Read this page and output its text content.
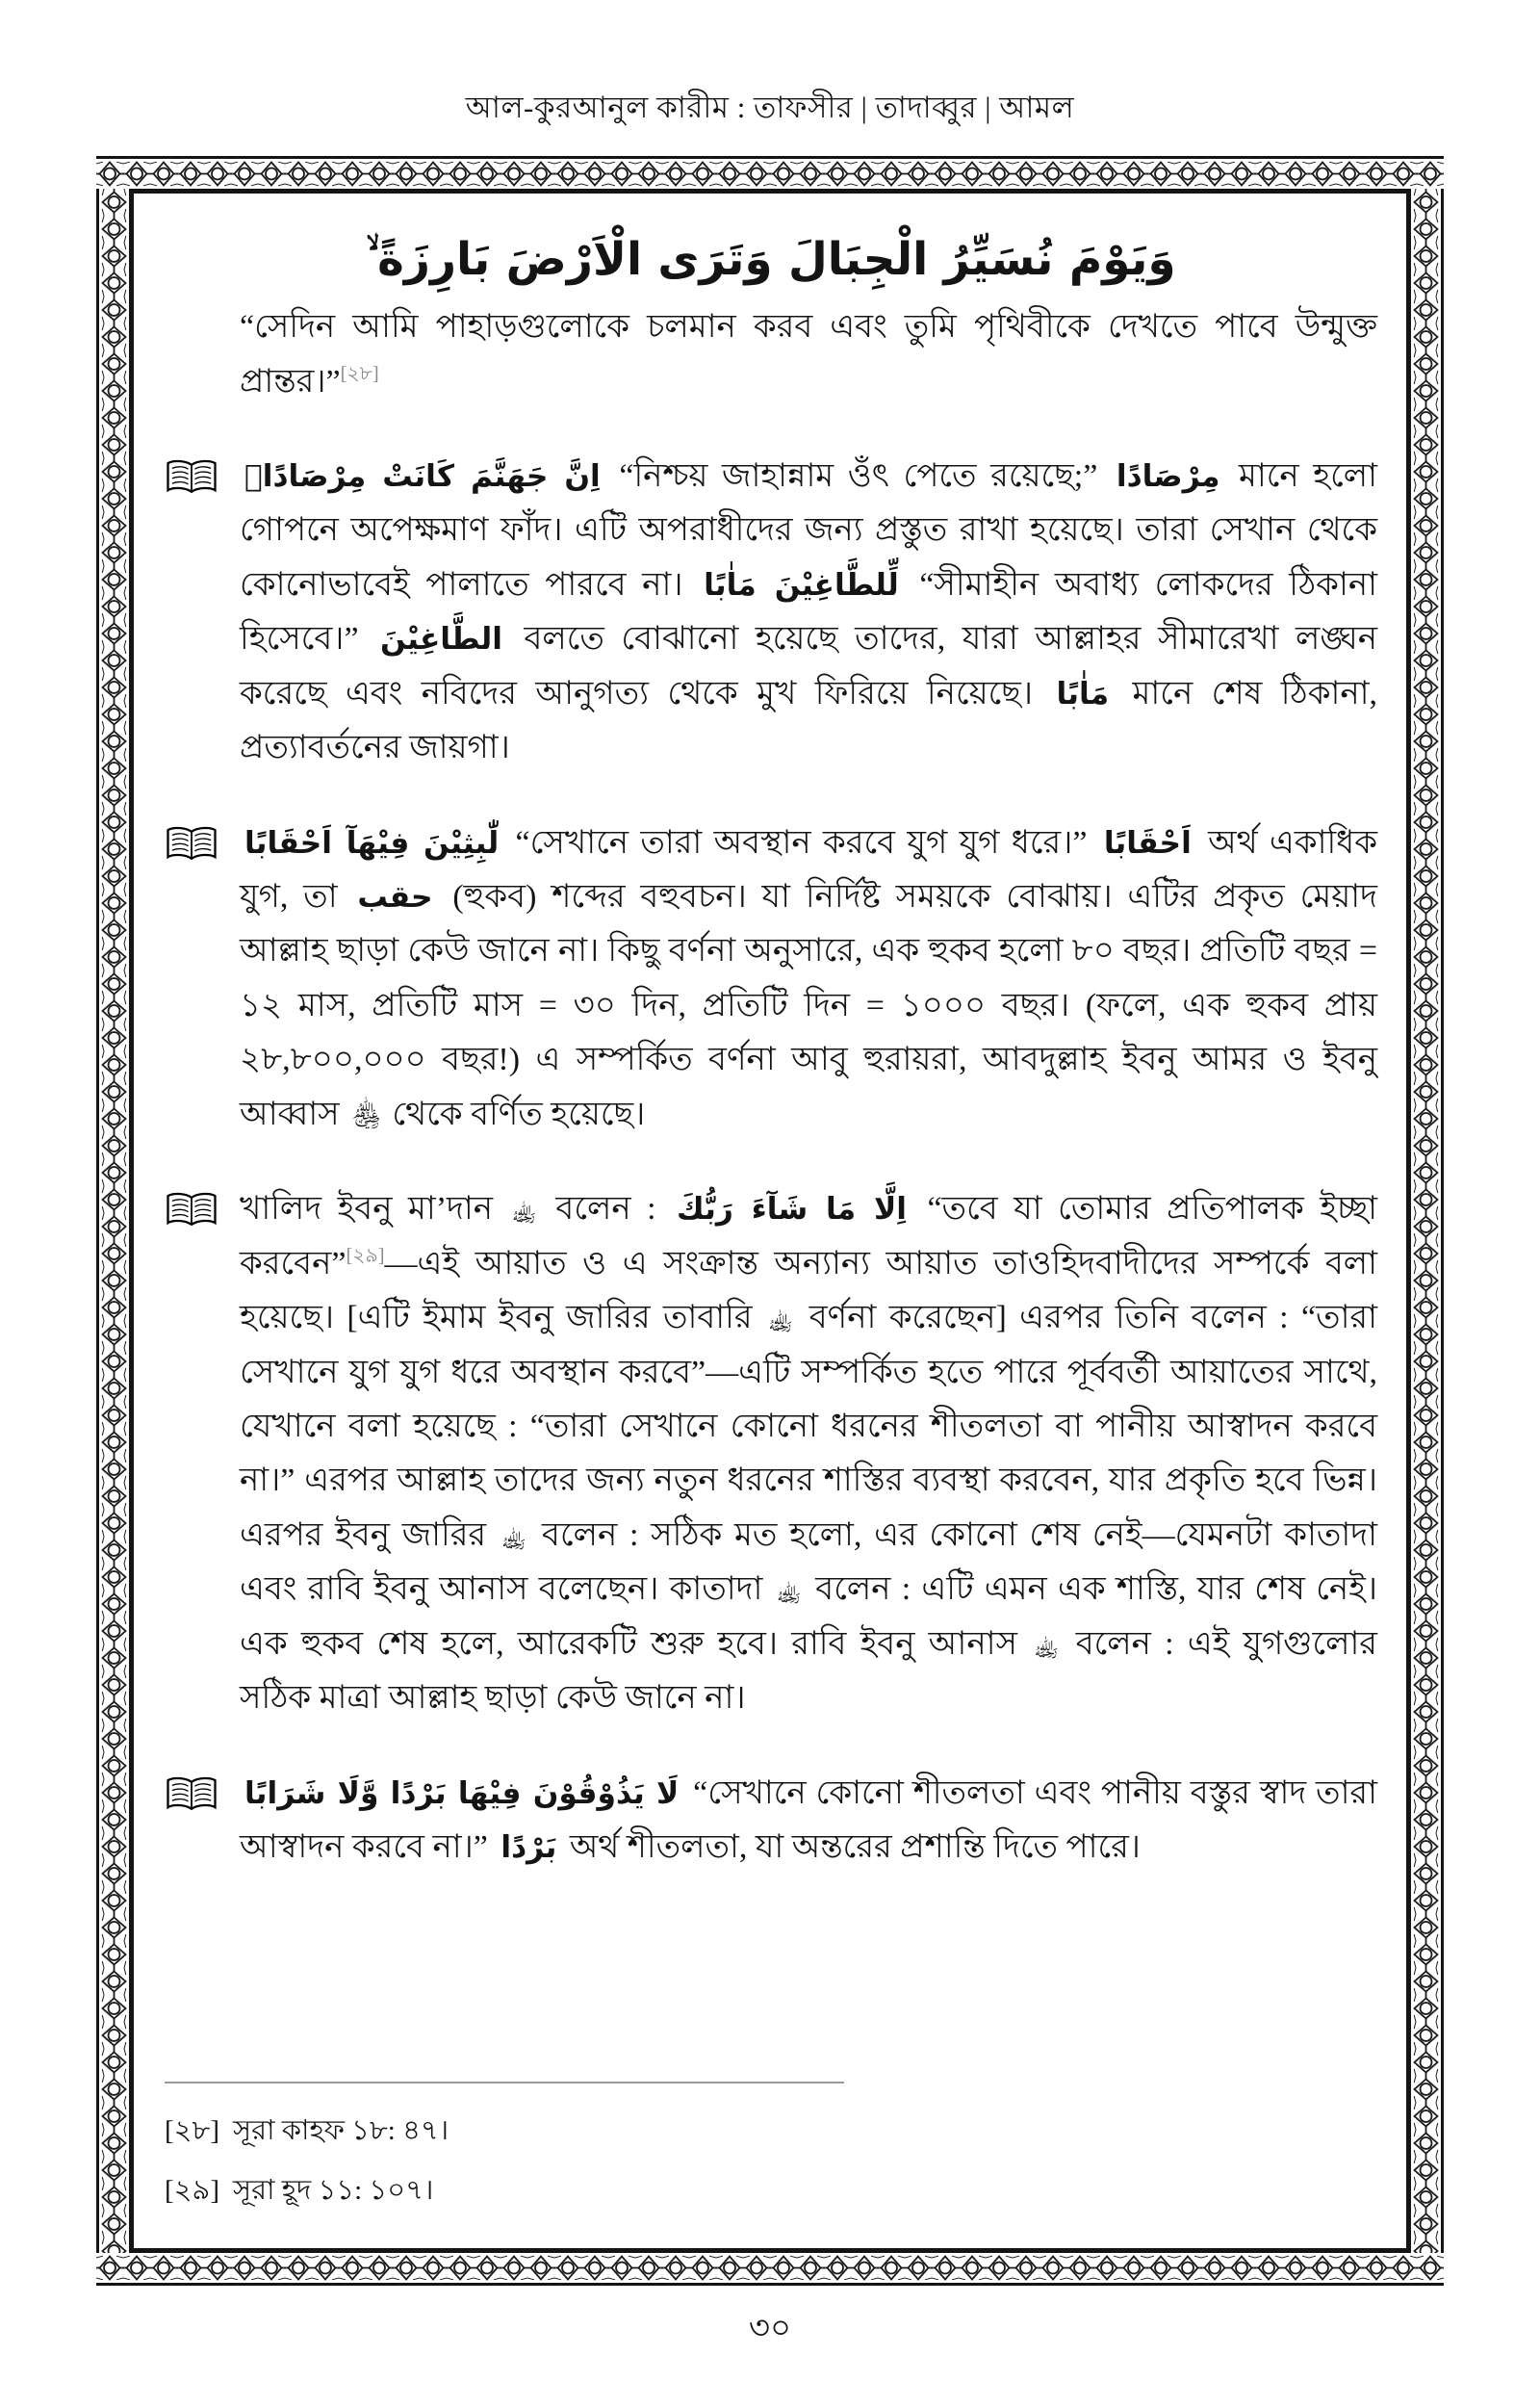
আল-কুরআনুল কারীম : তাফসীর | তাদাব্বুর | আমল
وَيَوْمَ نُسَيِّرُ الْجِبَالَ وَتَرَى الْاَرْضَ بَارِزَةً ۙ
“সেদিন আমি পাহাড়গুলোকে চলমান করব এবং তুমি পৃথিবীকে দেখতে পাবে উন্মুক্ত প্রান্তর।”[২৮]
اِنَّ جَهَنَّمَ كَانَتْ مِرْصَادًاۙ “নিশ্চয় জাহান্নাম ওঁৎ পেতে রয়েছে;” مِرْصَادًا মানে হলো গোপনে অপেক্ষমাণ ফাঁদ। এটি অপরাধীদের জন্য প্রস্তুত রাখা হয়েছে। তারা সেখান থেকে কোনোভাবেই পালাতে পারবে না। لِّلطَّاغِيْنَ مَاٰبًا “সীমাহীন অবাধ্য লোকদের ঠিকানা হিসেবে।” الطَّاغِيْنَ বলতে বোঝানো হয়েছে তাদের, যারা আল্লাহর সীমারেখা লঙ্ঘন করেছে এবং নবিদের আনুগত্য থেকে মুখ ফিরিয়ে নিয়েছে। مَاٰبًا মানে শেষ ঠিকানা, প্রত্যাবর্তনের জায়গা।
لّٰبِثِيْنَ فِيْهَآ اَحْقَابًا “সেখানে তারা অবস্থান করবে যুগ যুগ ধরে।” اَحْقَابًا অর্থ একাধিক যুগ, তা حقب (হুকব) শব্দের বহুবচন। যা নির্দিষ্ট সময়কে বোঝায়। এটির প্রকৃত মেয়াদ আল্লাহ ছাড়া কেউ জানে না। কিছু বর্ণনা অনুসারে, এক হুকব হলো ৮০ বছর। প্রতিটি বছর = ১২ মাস, প্রতিটি মাস = ৩০ দিন, প্রতিটি দিন = ১০০০ বছর। (ফলে, এক হুকব প্রায় ২৮,৮০০,০০০ বছর!) এ সম্পর্কিত বর্ণনা আবু হুরায়রা, আবদুল্লাহ ইবনু আমর ও ইবনু আব্বাস ﵃ থেকে বর্ণিত হয়েছে।
খালিদ ইবনু মা’দান ﵀ বলেন : اِلَّا مَا شَآءَ رَبُّكَ “তবে যা তোমার প্রতিপালক ইচ্ছা করবেন”[২৯]—এই আয়াত ও এ সংক্রান্ত অন্যান্য আয়াত তাওহিদবাদীদের সম্পর্কে বলা হয়েছে। [এটি ইমাম ইবনু জারির তাবারি ﵀ বর্ণনা করেছেন] এরপর তিনি বলেন : “তারা সেখানে যুগ যুগ ধরে অবস্থান করবে”—এটি সম্পর্কিত হতে পারে পূর্ববর্তী আয়াতের সাথে, যেখানে বলা হয়েছে : “তারা সেখানে কোনো ধরনের শীতলতা বা পানীয় আস্বাদন করবে না।” এরপর আল্লাহ তাদের জন্য নতুন ধরনের শাস্তির ব্যবস্থা করবেন, যার প্রকৃতি হবে ভিন্ন। এরপর ইবনু জারির ﵀ বলেন : সঠিক মত হলো, এর কোনো শেষ নেই—যেমনটা কাতাদা এবং রাবি ইবনু আনাস বলেছেন। কাতাদা ﵀ বলেন : এটি এমন এক শাস্তি, যার শেষ নেই। এক হুকব শেষ হলে, আরেকটি শুরু হবে। রাবি ইবনু আনাস ﵀ বলেন : এই যুগগুলোর সঠিক মাত্রা আল্লাহ ছাড়া কেউ জানে না।
لَا يَذُوْقُوْنَ فِيْهَا بَرْدًا وَّلَا شَرَابًا “সেখানে কোনো শীতলতা এবং পানীয় বস্তুর স্বাদ তারা আস্বাদন করবে না।” بَرْدًا অর্থ শীতলতা, যা অন্তরের প্রশান্তি দিতে পারে।
[২৮] সূরা কাহফ ১৮: ৪৭।
[২৯] সূরা হূদ ১১: ১০৭।
৩০
